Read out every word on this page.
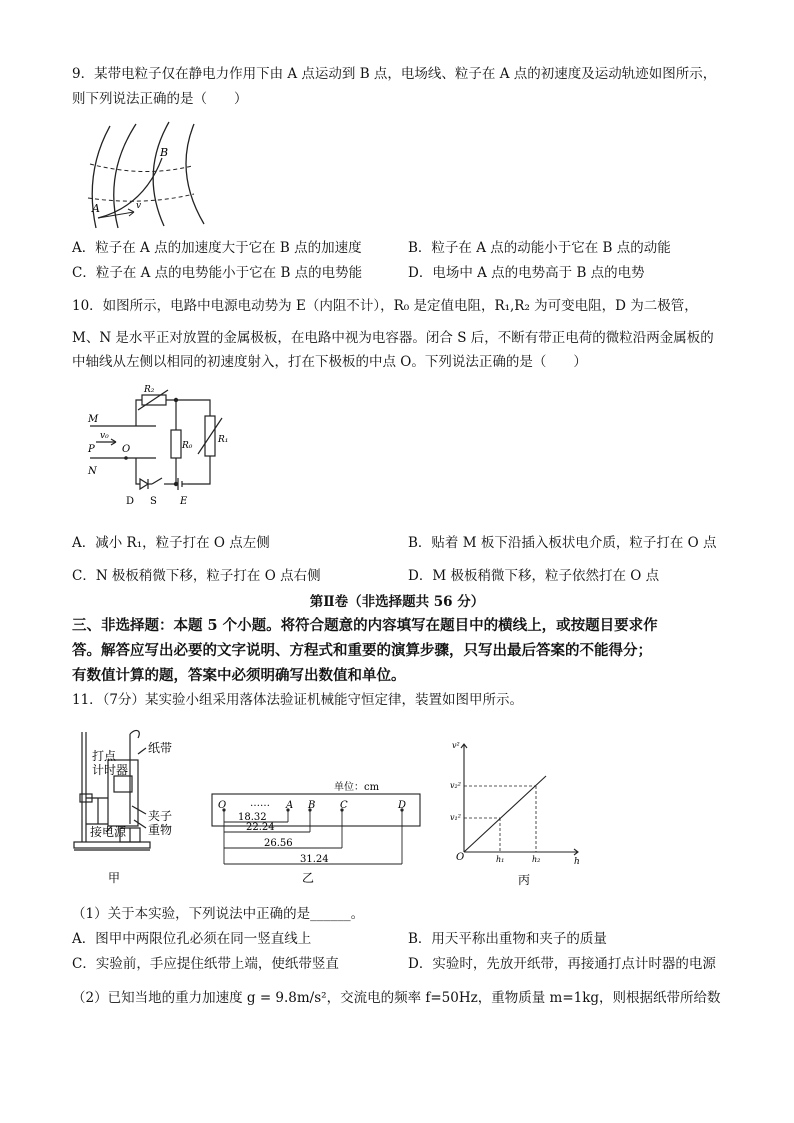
9．某带电粒子仅在静电力作用下由 A 点运动到 B 点，电场线、粒子在 A 点的初速度及运动轨迹如图所示，
则下列说法正确的是（　　）
A
B
v
A．粒子在 A 点的加速度大于它在 B 点的加速度	B．粒子在 A 点的动能小于它在 B 点的动能
C．粒子在 A 点的电势能小于它在 B 点的电势能	D．电场中 A 点的电势高于 B 点的电势
10．如图所示，电路中电源电动势为 E（内阻不计），R₀ 是定值电阻，R₁,R₂ 为可变电阻，D 为二极管，
M、N 是水平正对放置的金属极板，在电路中视为电容器。闭合 S 后，不断有带正电荷的微粒沿两金属板的
中轴线从左侧以相同的初速度射入，打在下极板的中点 O。下列说法正确的是（　　）
M
N
P	O
v₀
R₂
R₀
R₁
D S E
A．减小 R₁，粒子打在 O 点左侧	B．贴着 M 板下沿插入板状电介质，粒子打在 O 点
C．N 极板稍微下移，粒子打在 O 点右侧	D．M 极板稍微下移，粒子依然打在 O 点
第Ⅱ卷（非选择题共 56 分）
三、非选择题：本题 5 个小题。将符合题意的内容填写在题目中的横线上，或按题目要求作
答。解答应写出必要的文字说明、方程式和重要的演算步骤，只写出最后答案的不能得分；
有数值计算的题，答案中必须明确写出数值和单位。
11．（7分）某实验小组采用落体法验证机械能守恒定律，装置如图甲所示。
打点
计时器
纸带
夹子
重物
接电源
甲
单位：cm
O …… A B C	D
18.32
22.24
26.56
31.24
乙
v²
v₂²
v₁²
O	h₁	h₂	h
丙
（1）关于本实验，下列说法中正确的是______。
A．图甲中两限位孔必须在同一竖直线上	B．用天平称出重物和夹子的质量
C．实验前，手应提住纸带上端，使纸带竖直	D．实验时，先放开纸带，再接通打点计时器的电源
（2）已知当地的重力加速度 g = 9.8m/s²，交流电的频率 f=50Hz，重物质量 m=1kg，则根据纸带所给数
